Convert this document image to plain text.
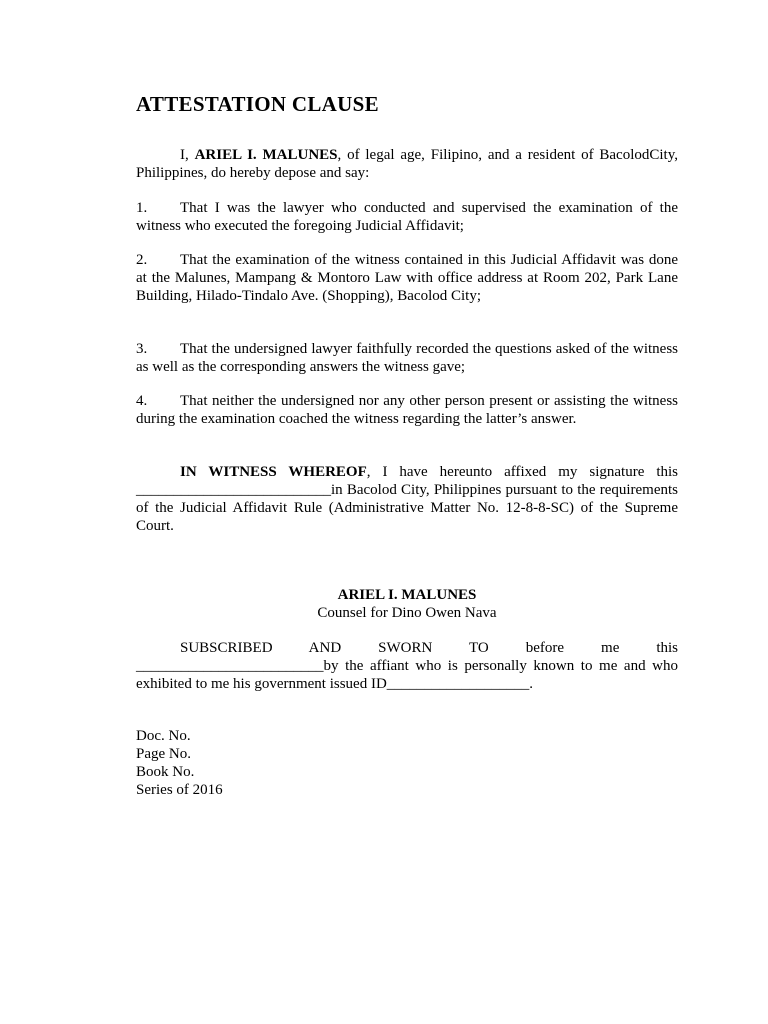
ATTESTATION CLAUSE

I, ARIEL I. MALUNES, of legal age, Filipino, and a resident of BacolodCity, Philippines, do hereby depose and say:

1. That I was the lawyer who conducted and supervised the examination of the witness who executed the foregoing Judicial Affidavit;

2. That the examination of the witness contained in this Judicial Affidavit was done at the Malunes, Mampang & Montoro Law with office address at Room 202, Park Lane Building, Hilado-Tindalo Ave. (Shopping), Bacolod City;

3. That the undersigned lawyer faithfully recorded the questions asked of the witness as well as the corresponding answers the witness gave;

4. That neither the undersigned nor any other person present or assisting the witness during the examination coached the witness regarding the latter’s answer.

IN WITNESS WHEREOF, I have hereunto affixed my signature this __________________________in Bacolod City, Philippines pursuant to the requirements of the Judicial Affidavit Rule (Administrative Matter No. 12-8-8-SC) of the Supreme Court.

ARIEL I. MALUNES

Counsel for Dino Owen Nava

SUBSCRIBED AND SWORN TO before me this _________________________by the affiant who is personally known to me and who exhibited to me his government issued ID___________________.

Doc. No.
Page No.
Book No.
Series of 2016
